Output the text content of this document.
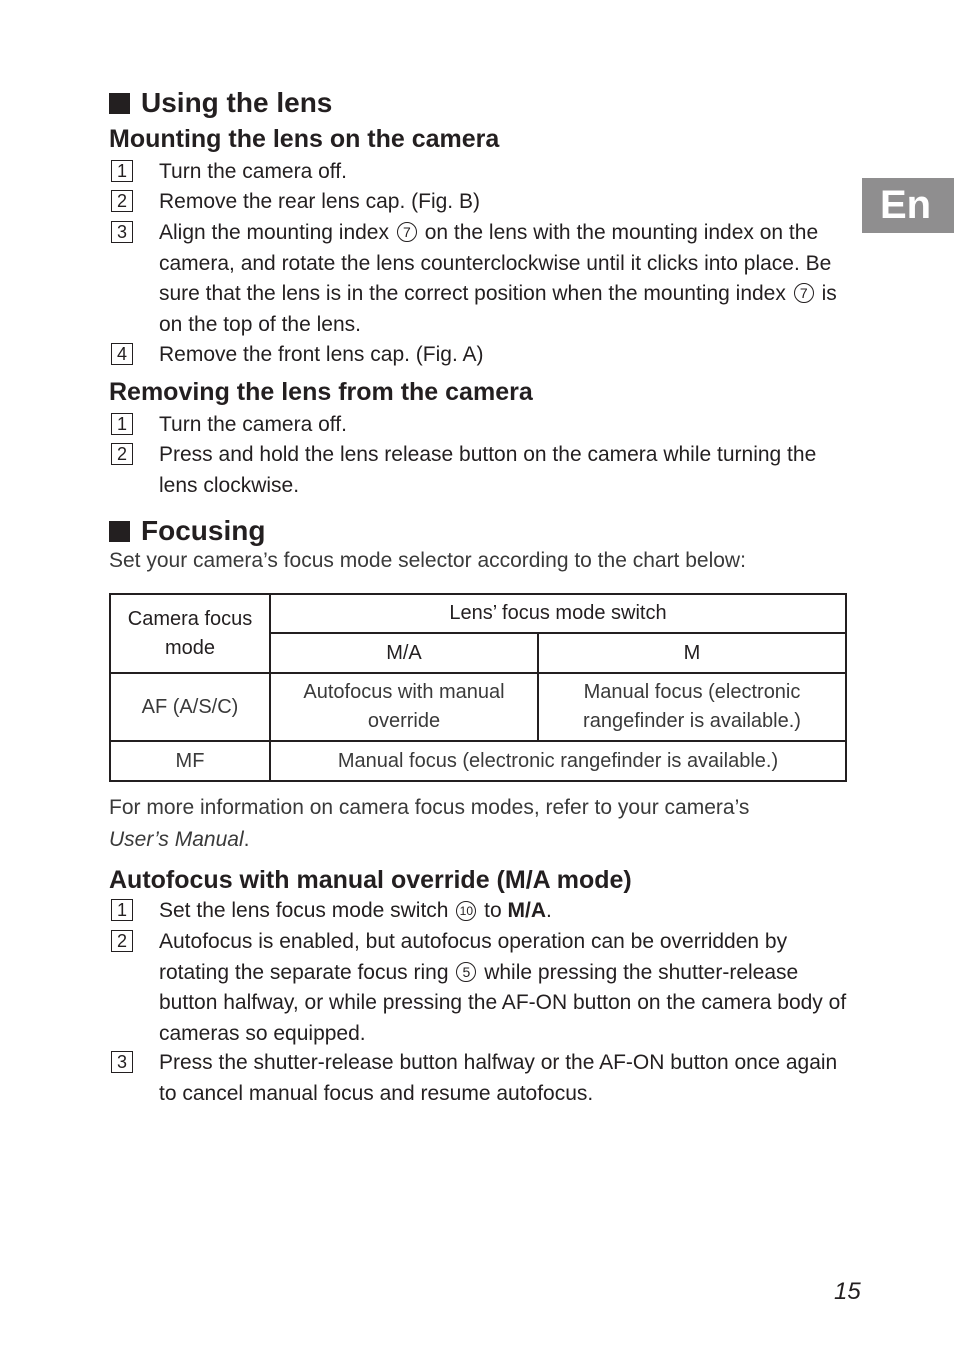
En
Using the lens
Mounting the lens on the camera
1 Turn the camera off.
2 Remove the rear lens cap. (Fig. B)
3 Align the mounting index 7 on the lens with the mounting index on the camera, and rotate the lens counterclockwise until it clicks into place. Be sure that the lens is in the correct position when the mounting index 7 is on the top of the lens.
4 Remove the front lens cap. (Fig. A)
Removing the lens from the camera
1 Turn the camera off.
2 Press and hold the lens release button on the camera while turning the lens clockwise.
Focusing
Set your camera’s focus mode selector according to the chart below:
Camera focus mode	Lens’ focus mode switch	
	M/A	M
AF (A/S/C)	Autofocus with manual override	Manual focus (electronic rangefinder is available.)
MF	Manual focus (electronic rangefinder is available.)	
For more information on camera focus modes, refer to your camera’s
User’s Manual.
Autofocus with manual override (M/A mode)
1 Set the lens focus mode switch 10 to M/A.
2 Autofocus is enabled, but autofocus operation can be overridden by rotating the separate focus ring 5 while pressing the shutter-release button halfway, or while pressing the AF-ON button on the camera body of cameras so equipped.
3 Press the shutter-release button halfway or the AF-ON button once again to cancel manual focus and resume autofocus.
15
